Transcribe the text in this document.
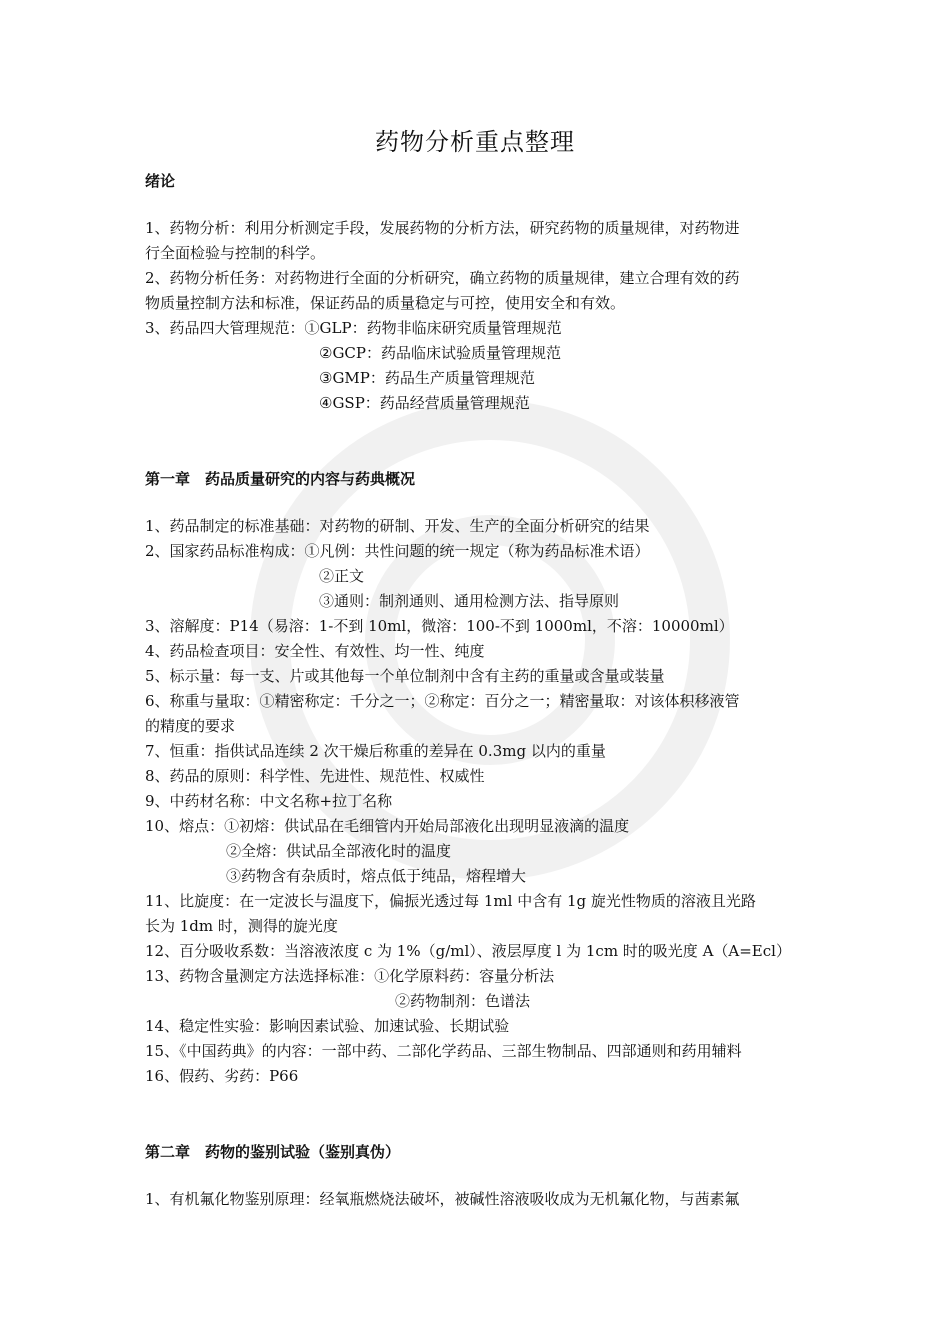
药物分析重点整理
绪论
1、药物分析：利用分析测定手段，发展药物的分析方法，研究药物的质量规律，对药物进
行全面检验与控制的科学。
2、药物分析任务：对药物进行全面的分析研究，确立药物的质量规律，建立合理有效的药
物质量控制方法和标准，保证药品的质量稳定与可控，使用安全和有效。
3、药品四大管理规范：①GLP：药物非临床研究质量管理规范
②GCP：药品临床试验质量管理规范
③GMP：药品生产质量管理规范
④GSP：药品经营质量管理规范
第一章　药品质量研究的内容与药典概况
1、药品制定的标准基础：对药物的研制、开发、生产的全面分析研究的结果
2、国家药品标准构成：①凡例：共性问题的统一规定（称为药品标准术语）
②正文
③通则：制剂通则、通用检测方法、指导原则
3、溶解度：P14（易溶：1-不到 10ml，微溶：100-不到 1000ml，不溶：10000ml）
4、药品检查项目：安全性、有效性、均一性、纯度
5、标示量：每一支、片或其他每一个单位制剂中含有主药的重量或含量或装量
6、称重与量取：①精密称定：千分之一；②称定：百分之一；精密量取：对该体积移液管
的精度的要求
7、恒重：指供试品连续 2 次干燥后称重的差异在 0.3mg 以内的重量
8、药品的原则：科学性、先进性、规范性、权威性
9、中药材名称：中文名称+拉丁名称
10、熔点：①初熔：供试品在毛细管内开始局部液化出现明显液滴的温度
②全熔：供试品全部液化时的温度
③药物含有杂质时，熔点低于纯品，熔程增大
11、比旋度：在一定波长与温度下，偏振光透过每 1ml 中含有 1g 旋光性物质的溶液且光路
长为 1dm 时，测得的旋光度
12、百分吸收系数：当溶液浓度 c 为 1%（g/ml）、液层厚度 l 为 1cm 时的吸光度 A（A=Ecl）
13、药物含量测定方法选择标准：①化学原料药：容量分析法
②药物制剂：色谱法
14、稳定性实验：影响因素试验、加速试验、长期试验
15、《中国药典》的内容：一部中药、二部化学药品、三部生物制品、四部通则和药用辅料
16、假药、劣药：P66
第二章　药物的鉴别试验（鉴别真伪）
1、有机氟化物鉴别原理：经氧瓶燃烧法破坏，被碱性溶液吸收成为无机氟化物，与茜素氟
